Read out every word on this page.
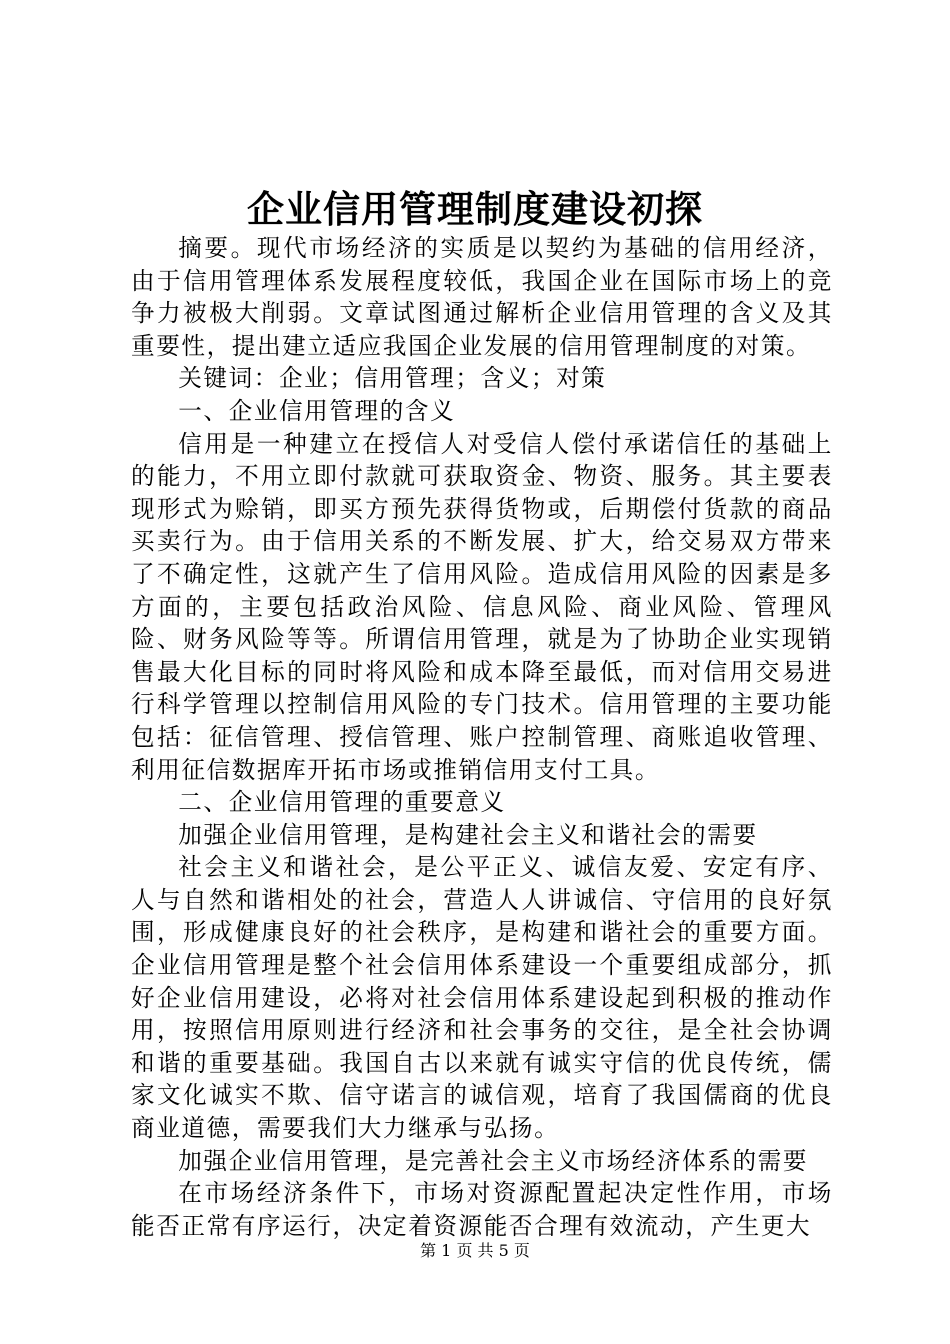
企业信用管理制度建设初探

摘要。现代市场经济的实质是以契约为基础的信用经济，由于信用管理体系发展程度较低，我国企业在国际市场上的竞争力被极大削弱。文章试图通过解析企业信用管理的含义及其重要性，提出建立适应我国企业发展的信用管理制度的对策。

关键词：企业；信用管理；含义；对策

一、企业信用管理的含义

信用是一种建立在授信人对受信人偿付承诺信任的基础上的能力，不用立即付款就可获取资金、物资、服务。其主要表现形式为赊销，即买方预先获得货物或，后期偿付货款的商品买卖行为。由于信用关系的不断发展、扩大，给交易双方带来了不确定性，这就产生了信用风险。造成信用风险的因素是多方面的，主要包括政治风险、信息风险、商业风险、管理风险、财务风险等等。所谓信用管理，就是为了协助企业实现销售最大化目标的同时将风险和成本降至最低，而对信用交易进行科学管理以控制信用风险的专门技术。信用管理的主要功能包括：征信管理、授信管理、账户控制管理、商账追收管理、利用征信数据库开拓市场或推销信用支付工具。

二、企业信用管理的重要意义

加强企业信用管理，是构建社会主义和谐社会的需要

社会主义和谐社会，是公平正义、诚信友爱、安定有序、人与自然和谐相处的社会，营造人人讲诚信、守信用的良好氛围，形成健康良好的社会秩序，是构建和谐社会的重要方面。企业信用管理是整个社会信用体系建设一个重要组成部分，抓好企业信用建设，必将对社会信用体系建设起到积极的推动作用，按照信用原则进行经济和社会事务的交往，是全社会协调和谐的重要基础。我国自古以来就有诚实守信的优良传统，儒家文化诚实不欺、信守诺言的诚信观，培育了我国儒商的优良商业道德，需要我们大力继承与弘扬。

加强企业信用管理，是完善社会主义市场经济体系的需要

在市场经济条件下，市场对资源配置起决定性作用，市场能否正常有序运行，决定着资源能否合理有效流动，产生更大

第 1 页 共 5 页
